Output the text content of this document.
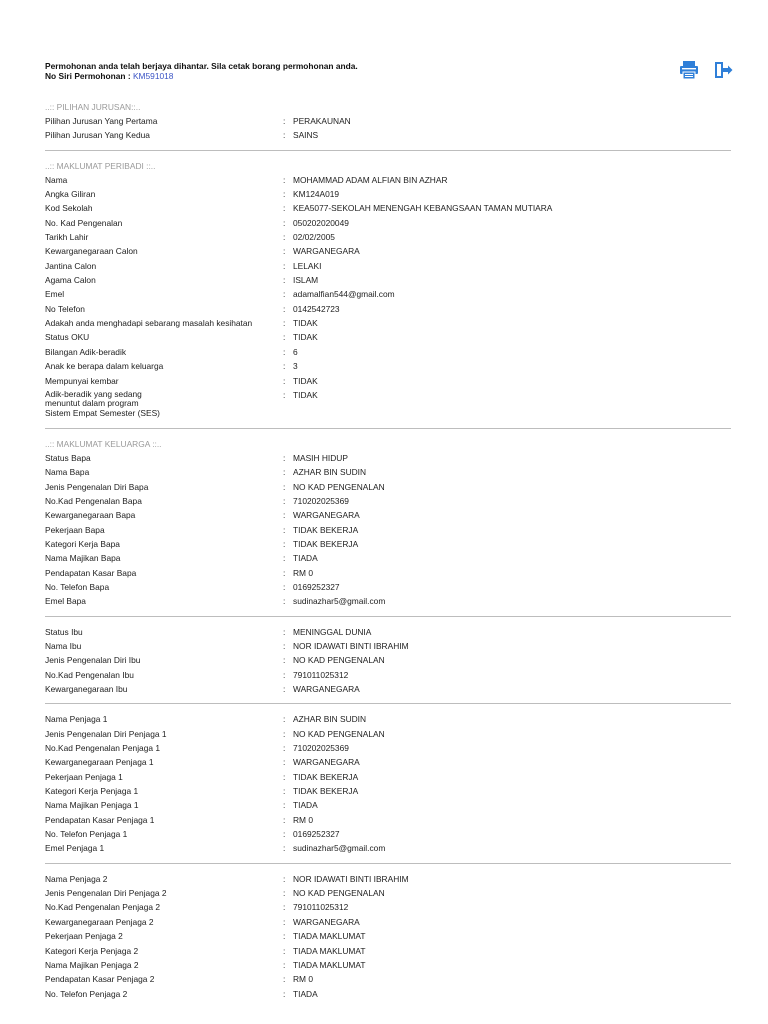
Permohonan anda telah berjaya dihantar. Sila cetak borang permohonan anda.
No Siri Permohonan : KM591018
..:: PILIHAN JURUSAN::..
Pilihan Jurusan Yang Pertama	: PERAKAUNAN
Pilihan Jurusan Yang Kedua	: SAINS
..:: MAKLUMAT PERIBADI ::..
Nama	: MOHAMMAD ADAM ALFIAN BIN AZHAR
Angka Giliran	: KM124A019
Kod Sekolah	: KEA5077-SEKOLAH MENENGAH KEBANGSAAN TAMAN MUTIARA
No. Kad Pengenalan	: 050202020049
Tarikh Lahir	: 02/02/2005
Kewarganegaraan Calon	: WARGANEGARA
Jantina Calon	: LELAKI
Agama Calon	: ISLAM
Emel	: adamalfian544@gmail.com
No Telefon	: 0142542723
Adakah anda menghadapi sebarang masalah kesihatan	: TIDAK
Status OKU	: TIDAK
Bilangan Adik-beradik	: 6
Anak ke berapa dalam keluarga	: 3
Mempunyai kembar	: TIDAK
Adik-beradik yang sedang
menuntut dalam program
Sistem Empat Semester (SES)
: TIDAK
..:: MAKLUMAT KELUARGA ::..
Status Bapa	: MASIH HIDUP
Nama Bapa	: AZHAR BIN SUDIN
Jenis Pengenalan Diri Bapa	: NO KAD PENGENALAN
No.Kad Pengenalan Bapa	: 710202025369
Kewarganegaraan Bapa	: WARGANEGARA
Pekerjaan Bapa	: TIDAK BEKERJA
Kategori Kerja Bapa	: TIDAK BEKERJA
Nama Majikan Bapa	: TIADA
Pendapatan Kasar Bapa	: RM 0
No. Telefon Bapa	: 0169252327
Emel Bapa	: sudinazhar5@gmail.com
Status Ibu	: MENINGGAL DUNIA
Nama Ibu	: NOR IDAWATI BINTI IBRAHIM
Jenis Pengenalan Diri Ibu	: NO KAD PENGENALAN
No.Kad Pengenalan Ibu	: 791011025312
Kewarganegaraan Ibu	: WARGANEGARA
Nama Penjaga 1	: AZHAR BIN SUDIN
Jenis Pengenalan Diri Penjaga 1	: NO KAD PENGENALAN
No.Kad Pengenalan Penjaga 1	: 710202025369
Kewarganegaraan Penjaga 1	: WARGANEGARA
Pekerjaan Penjaga 1	: TIDAK BEKERJA
Kategori Kerja Penjaga 1	: TIDAK BEKERJA
Nama Majikan Penjaga 1	: TIADA
Pendapatan Kasar Penjaga 1	: RM 0
No. Telefon Penjaga 1	: 0169252327
Emel Penjaga 1	: sudinazhar5@gmail.com
Nama Penjaga 2	: NOR IDAWATI BINTI IBRAHIM
Jenis Pengenalan Diri Penjaga 2	: NO KAD PENGENALAN
No.Kad Pengenalan Penjaga 2	: 791011025312
Kewarganegaraan Penjaga 2	: WARGANEGARA
Pekerjaan Penjaga 2	: TIADA MAKLUMAT
Kategori Kerja Penjaga 2	: TIADA MAKLUMAT
Nama Majikan Penjaga 2	: TIADA MAKLUMAT
Pendapatan Kasar Penjaga 2	: RM 0
No. Telefon Penjaga 2	: TIADA
